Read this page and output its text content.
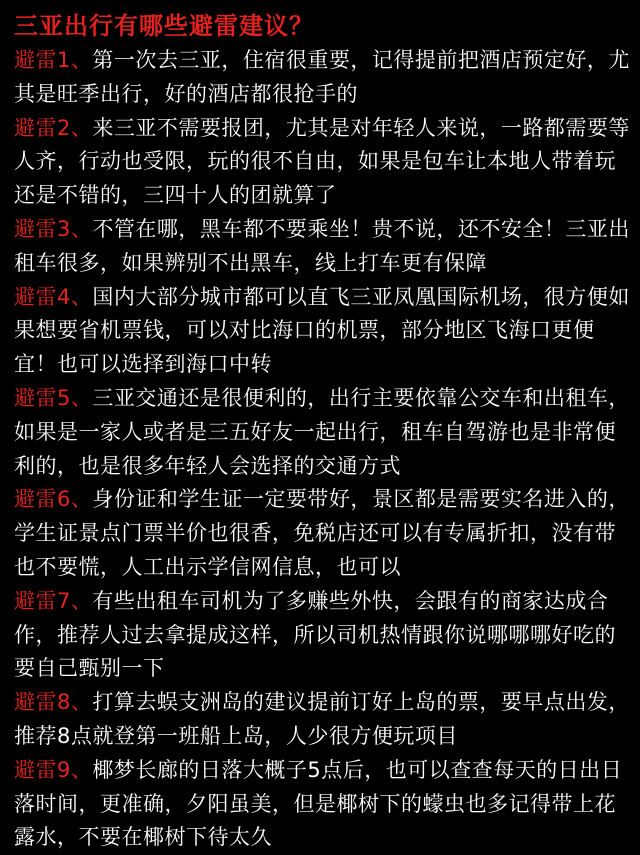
三亚出行有哪些避雷建议？

避雷1、第一次去三亚，住宿很重要，记得提前把酒店预定好，尤其是旺季出行，好的酒店都很抢手的

避雷2、来三亚不需要报团，尤其是对年轻人来说，一路都需要等人齐，行动也受限，玩的很不自由，如果是包车让本地人带着玩还是不错的，三四十人的团就算了

避雷3、不管在哪，黑车都不要乘坐！贵不说，还不安全！三亚出租车很多，如果辨别不出黑车，线上打车更有保障

避雷4、国内大部分城市都可以直飞三亚凤凰国际机场，很方便如果想要省机票钱，可以对比海口的机票，部分地区飞海口更便宜！也可以选择到海口中转

避雷5、三亚交通还是很便利的，出行主要依靠公交车和出租车，如果是一家人或者是三五好友一起出行，租车自驾游也是非常便利的，也是很多年轻人会选择的交通方式

避雷6、身份证和学生证一定要带好，景区都是需要实名进入的，学生证景点门票半价也很香，免税店还可以有专属折扣，没有带也不要慌，人工出示学信网信息，也可以

避雷7、有些出租车司机为了多赚些外快，会跟有的商家达成合作，推荐人过去拿提成这样，所以司机热情跟你说哪哪哪好吃的要自己甄别一下

避雷8、打算去蜈支洲岛的建议提前订好上岛的票，要早点出发，推荐8点就登第一班船上岛，人少很方便玩项目

避雷9、椰梦长廊的日落大概子5点后，也可以查查每天的日出日落时间，更准确，夕阳虽美，但是椰树下的蠓虫也多记得带上花露水，不要在椰树下待太久
